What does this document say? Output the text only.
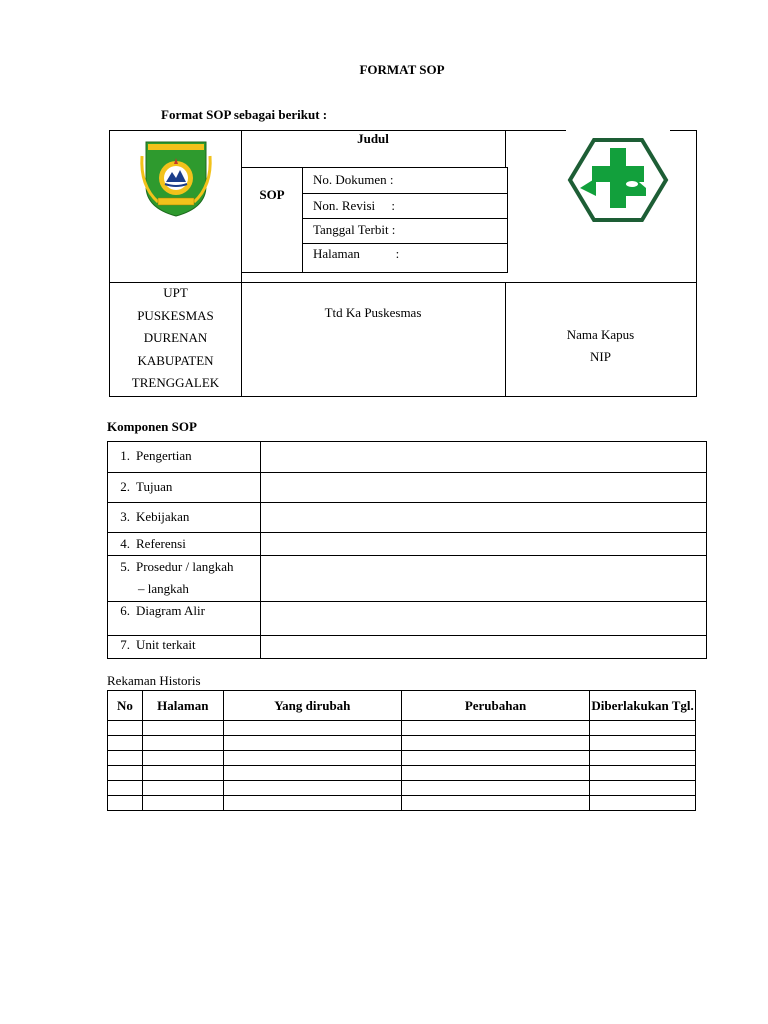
FORMAT SOP
Format SOP sebagai berikut :
Judul
SOP
No. Dokumen :
Non. Revisi     :
Tanggal Terbit :
Halaman           :
UPT
PUSKESMAS
DURENAN
KABUPATEN
TRENGGALEK
Ttd Ka Puskesmas
Nama Kapus
NIP
Komponen SOP
1. Pengertian	

2. Tujuan	

3. Kebijakan	

4. Referensi	

5. Prosedur / langkah
– langkah	

6. Diagram Alir	

7. Unit terkait	

Rekaman Historis
No	Halaman	Yang dirubah	Perubahan	Diberlakukan Tgl.
